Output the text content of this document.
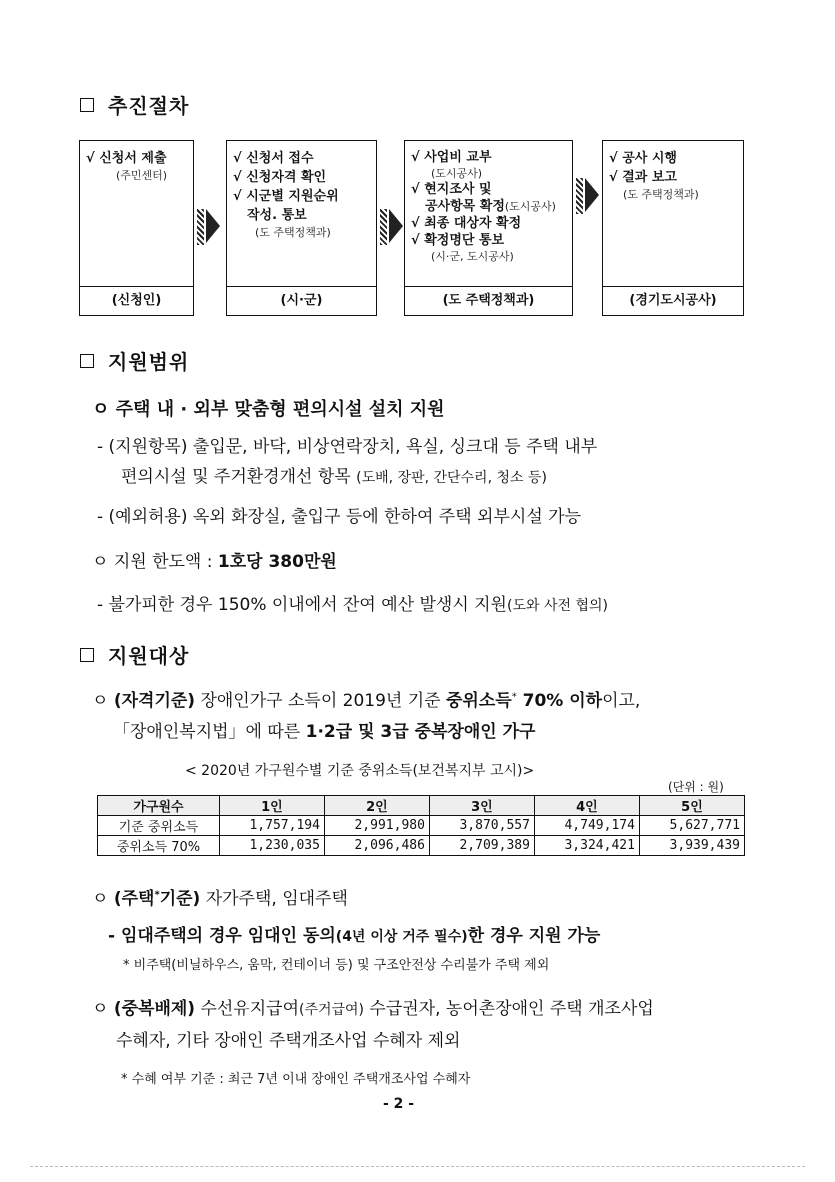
추진절차
√ 신청서 제출
(주민센터)
(신청인)
√ 신청서 접수
√ 신청자격 확인
√ 시군별 지원순위
작성. 통보
(도 주택정책과)
(시·군)
√ 사업비 교부
(도시공사)
√ 현지조사 및
공사항목 확정(도시공사)
√ 최종 대상자 확정
√ 확정명단 통보
(시·군, 도시공사)
(도 주택정책과)
√ 공사 시행
√ 결과 보고
(도 주택정책과)
(경기도시공사)
지원범위
ㅇ 주택 내 · 외부 맞춤형 편의시설 설치 지원
- (지원항목) 출입문, 바닥, 비상연락장치, 욕실, 싱크대 등 주택 내부
편의시설 및 주거환경개선 항목 (도배, 장판, 간단수리, 청소 등)
- (예외허용) 옥외 화장실, 출입구 등에 한하여 주택 외부시설 가능
ㅇ 지원 한도액 : 1호당 380만원
- 불가피한 경우 150% 이내에서 잔여 예산 발생시 지원(도와 사전 협의)
지원대상
ㅇ (자격기준) 장애인가구 소득이 2019년 기준 중위소득* 70% 이하이고,
「장애인복지법」에 따른 1·2급 및 3급 중복장애인 가구
< 2020년 가구원수별 기준 중위소득(보건복지부 고시)>
(단위 : 원)
가구원수	1인	2인	3인	4인	5인
기준 중위소득	1,757,194	2,991,980	3,870,557	4,749,174	5,627,771
중위소득 70%	1,230,035	2,096,486	2,709,389	3,324,421	3,939,439
ㅇ (주택*기준) 자가주택, 임대주택
- 임대주택의 경우 임대인 동의(4년 이상 거주 필수)한 경우 지원 가능
* 비주택(비닐하우스, 움막, 컨테이너 등) 및 구조안전상 수리불가 주택 제외
ㅇ (중복배제) 수선유지급여(주거급여) 수급권자, 농어촌장애인 주택 개조사업
수혜자, 기타 장애인 주택개조사업 수혜자 제외
* 수혜 여부 기준 : 최근 7년 이내 장애인 주택개조사업 수혜자
- 2 -
